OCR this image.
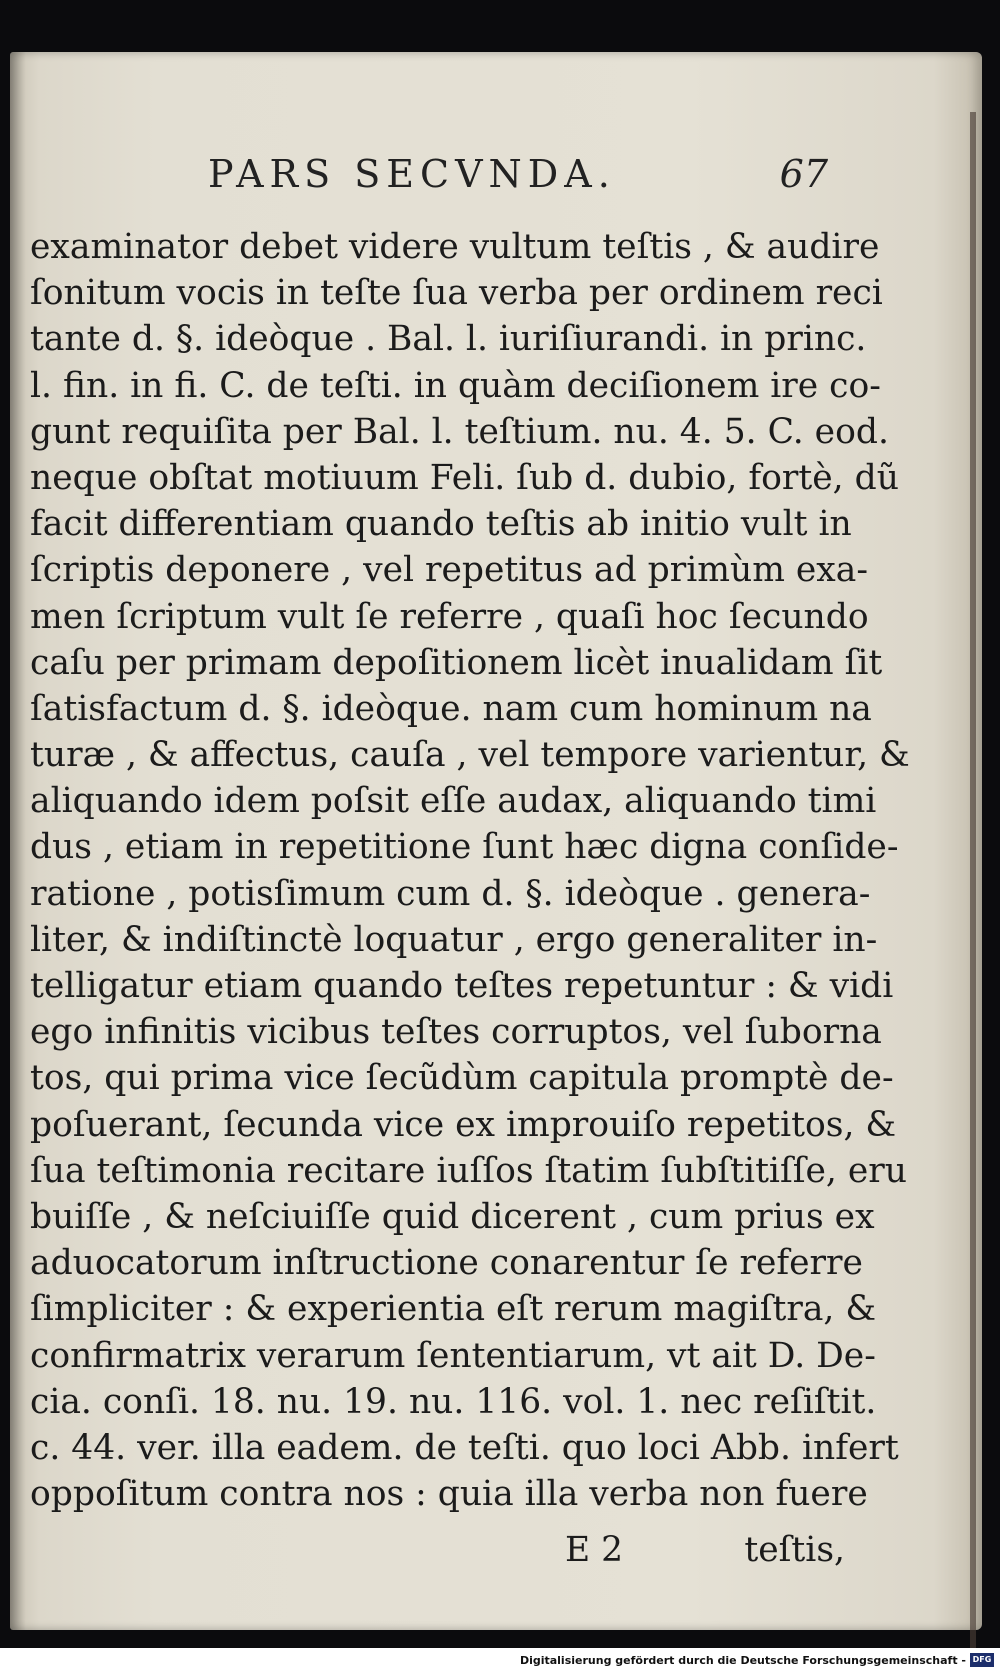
PARS SECVNDA.	67
examinator debet videre vultum teſtis , & audire
ſonitum vocis in teſte ſua verba per ordinem reci
tante d. §. ideòque . Bal. l. iuriſiurandi. in princ.
l. fin. in fi. C. de teſti. in quàm deciſionem ire co-
gunt requiſita per Bal. l. teſtium. nu. 4. 5. C. eod.
neque obſtat motiuum Feli. ſub d. dubio, fortè, dũ
facit differentiam quando teſtis ab initio vult in
ſcriptis deponere , vel repetitus ad primùm exa-
men ſcriptum vult ſe referre , quaſi hoc ſecundo
caſu per primam depoſitionem licèt inualidam ſit
ſatisfactum d. §. ideòque. nam cum hominum na
turæ , & affectus, cauſa , vel tempore varientur, &
aliquando idem poſsit eſſe audax, aliquando timi
dus , etiam in repetitione ſunt hæc digna conſide-
ratione , potisſimum cum d. §. ideòque . genera-
liter, & indiſtinctè loquatur , ergo generaliter in-
telligatur etiam quando teſtes repetuntur : & vidi
ego infinitis vicibus teſtes corruptos, vel ſuborna
tos, qui prima vice ſecũdùm capitula promptè de-
poſuerant, ſecunda vice ex improuiſo repetitos, &
ſua teſtimonia recitare iuſſos ſtatim ſubſtitiſſe, eru
buiſſe , & neſciuiſſe quid dicerent , cum prius ex
aduocatorum inſtructione conarentur ſe referre
ſimpliciter : & experientia eſt rerum magiſtra, &
confirmatrix verarum ſententiarum, vt ait D. De-
cia. conſi. 18. nu. 19. nu. 116. vol. 1. nec reſiſtit.
c. 44. ver. illa eadem. de teſti. quo loci Abb. infert
oppoſitum contra nos : quia illa verba non fuere
E 2	teſtis,
Digitalisierung gefördert durch die Deutsche Forschungsgemeinschaft - DFG
